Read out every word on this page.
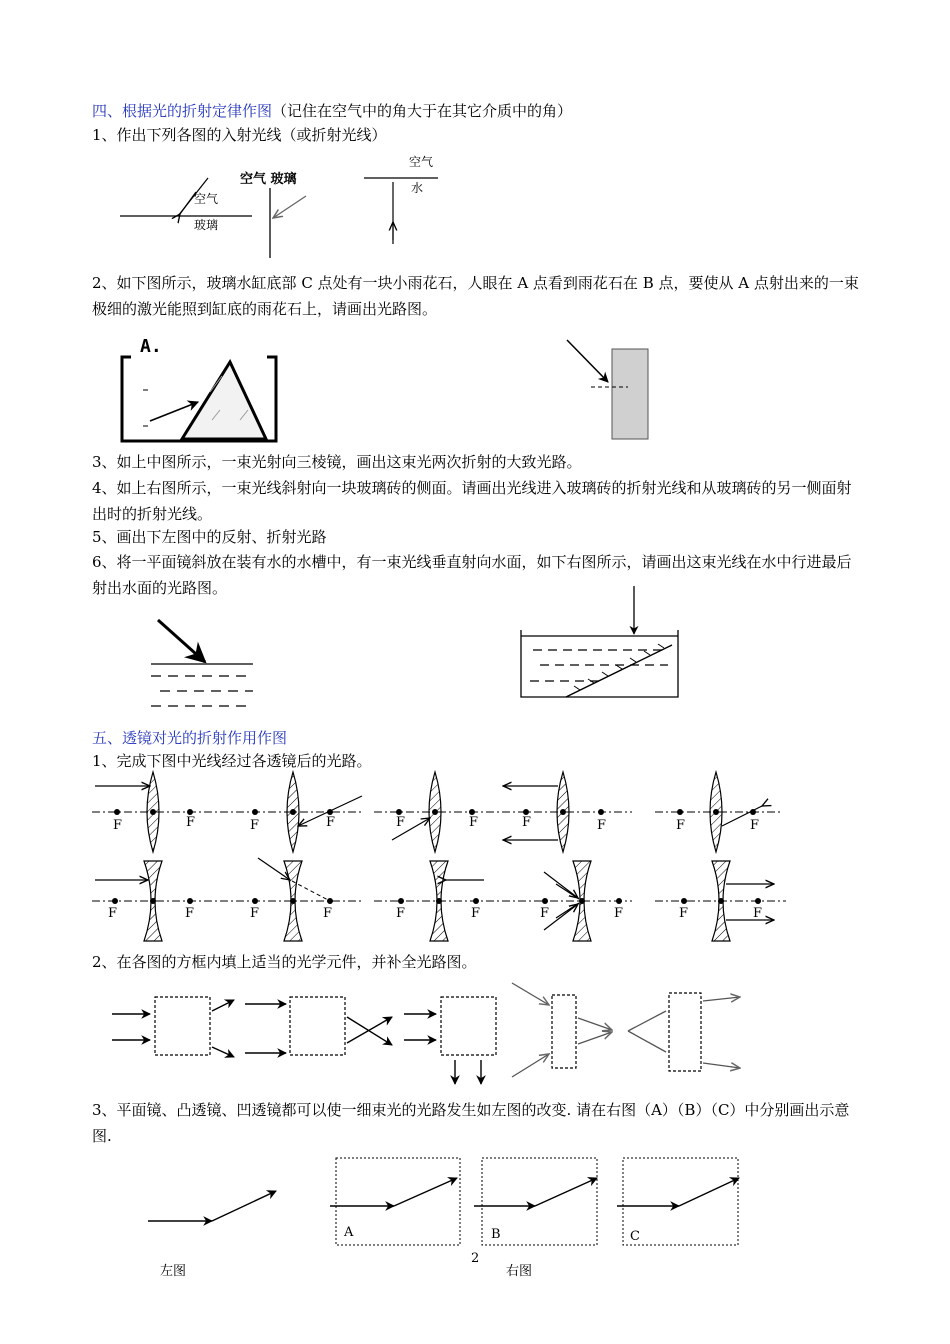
四、根据光的折射定律作图（记住在空气中的角大于在其它介质中的角）
1、作出下列各图的入射光线（或折射光线）
2、如下图所示，玻璃水缸底部 C 点处有一块小雨花石，人眼在 A 点看到雨花石在 B 点，要使从 A 点射出来的一束极细的激光能照到缸底的雨花石上，请画出光路图。
3、如上中图所示，一束光射向三棱镜，画出这束光两次折射的大致光路。
4、如上右图所示，一束光线斜射向一块玻璃砖的侧面。请画出光线进入玻璃砖的折射光线和从玻璃砖的另一侧面射出时的折射光线。
5、画出下左图中的反射、折射光路
6、将一平面镜斜放在装有水的水槽中，有一束光线垂直射向水面，如下右图所示，请画出这束光线在水中行进最后射出水面的光路图。
五、透镜对光的折射作用作图
1、完成下图中光线经过各透镜后的光路。
2、在各图的方框内填上适当的光学元件，并补全光路图。
3、平面镜、凸透镜、凹透镜都可以使一细束光的光路发生如左图的改变. 请在右图（A）（B）（C）中分别画出示意图.
空气
玻璃
空气 玻璃
空气
水
A.
F	F	F	F	F	F	F	F	F	F
F	F	F	F	F	F	F	F	F	F
左图
A	B	C
右图
2
